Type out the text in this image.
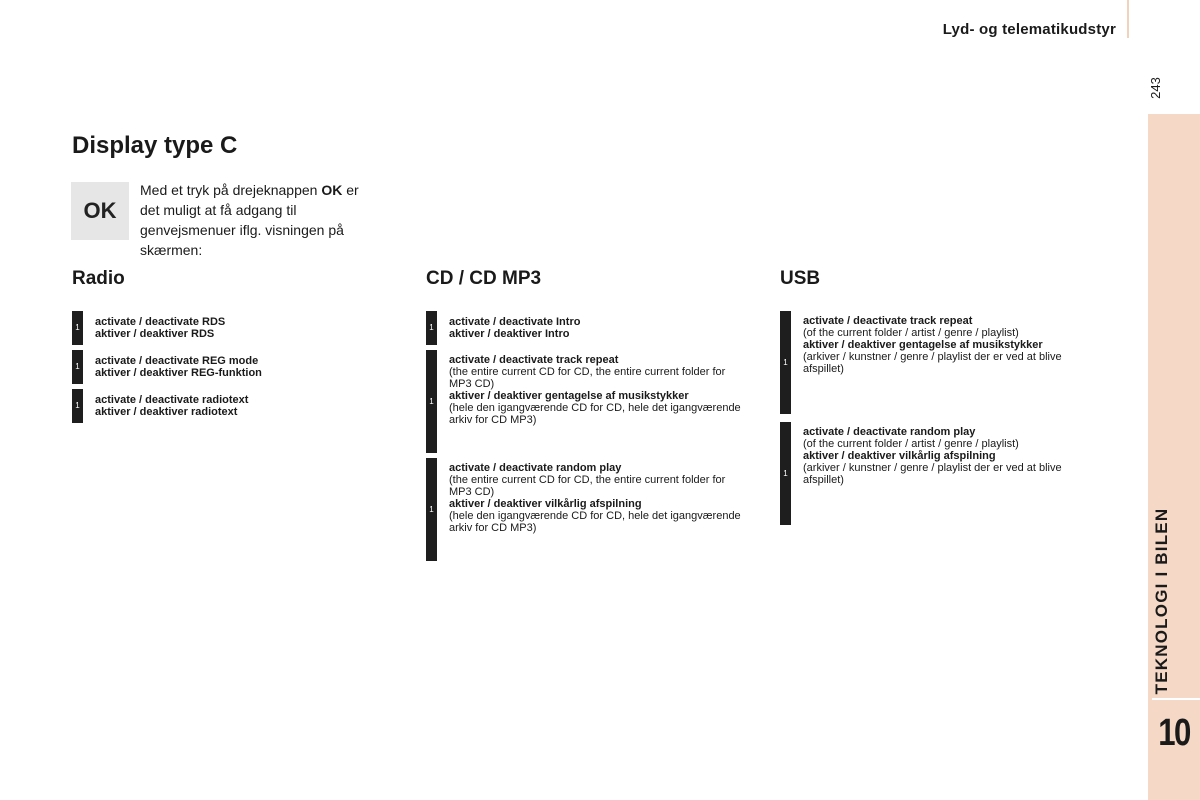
Lyd- og telematikudstyr
243
TEKNOLOGI I BILEN
10
Display type C
OK

Med et tryk på drejeknappen OK er det muligt at få adgang til genvejsmenuer iflg. visningen på skærmen:

Radio
1 activate / deactivate RDS
aktiver / deaktiver RDS
1 activate / deactivate REG mode
aktiver / deaktiver REG-funktion
1 activate / deactivate radiotext
aktiver / deaktiver radiotext
CD / CD MP3
1 activate / deactivate Intro
aktiver / deaktiver Intro
1
activate / deactivate track repeat
(the entire current CD for CD, the entire current folder for MP3 CD)
aktiver / deaktiver gentagelse af musikstykker
(hele den igangværende CD for CD, hele det igangværende arkiv for CD MP3)
1
activate / deactivate random play
(the entire current CD for CD, the entire current folder for MP3 CD)
aktiver / deaktiver vilkårlig afspilning
(hele den igangværende CD for CD, hele det igangværende arkiv for CD MP3)
USB
1
activate / deactivate track repeat
(of the current folder / artist / genre / playlist)
aktiver / deaktiver gentagelse af musikstykker
(arkiver / kunstner / genre / playlist der er ved at blive afspillet)
1
activate / deactivate random play
(of the current folder / artist / genre / playlist)
aktiver / deaktiver vilkårlig afspilning
(arkiver / kunstner / genre / playlist der er ved at blive afspillet)
